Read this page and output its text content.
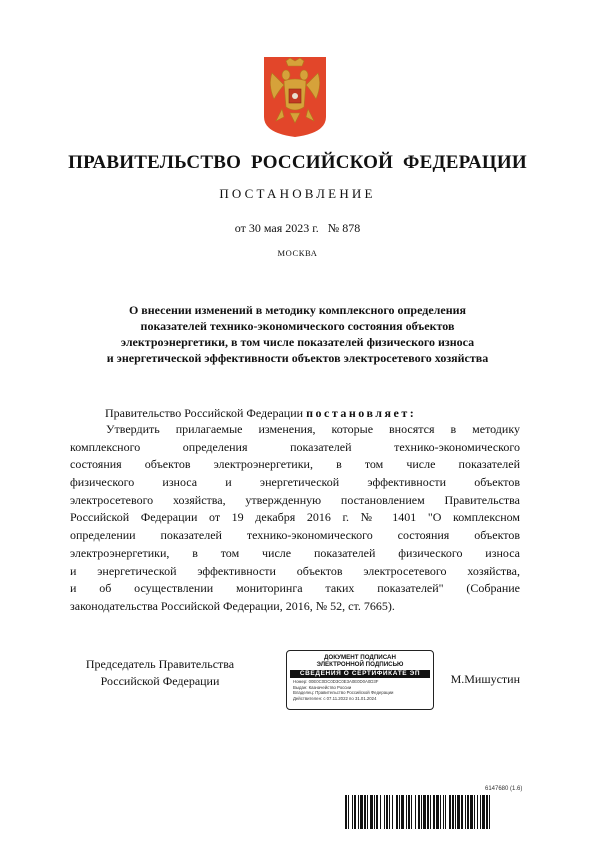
ПРАВИТЕЛЬСТВО РОССИЙСКОЙ ФЕДЕРАЦИИ
ПОСТАНОВЛЕНИЕ
от 30 мая 2023 г.   № 878
МОСКВА
О внесении изменений в методику комплексного определения
показателей технико-экономического состояния объектов
электроэнергетики, в том числе показателей физического износа
и энергетической эффективности объектов электросетевого хозяйства
Правительство Российской Федерации постановляет:
Утвердить прилагаемые изменения, которые вносятся в методику
комплексного определения показателей технико-экономического
состояния объектов электроэнергетики, в том числе показателей
физического износа и энергетической эффективности объектов
электросетевого хозяйства, утвержденную постановлением Правительства
Российской Федерации от 19 декабря 2016 г. № 1401 "О комплексном
определении показателей технико-экономического состояния объектов
электроэнергетики, в том числе показателей физического износа
и энергетической эффективности объектов электросетевого хозяйства,
и об осуществлении мониторинга таких показателей" (Собрание
законодательства Российской Федерации, 2016, № 52, ст. 7665).
Председатель Правительства
Российской Федерации
ДОКУМЕНТ ПОДПИСАН
ЭЛЕКТРОННОЙ ПОДПИСЬЮ
СВЕДЕНИЯ О СЕРТИФИКАТЕ ЭП
Номер: 00E0C0DC0D3C0E3A0E0D0A0D3F
Выдан: Казначейство России
Владелец: Правительство Российской Федерации
Действителен: с 07.11.2022 по 31.01.2024
М.Мишустин
6147680 (1.6)
